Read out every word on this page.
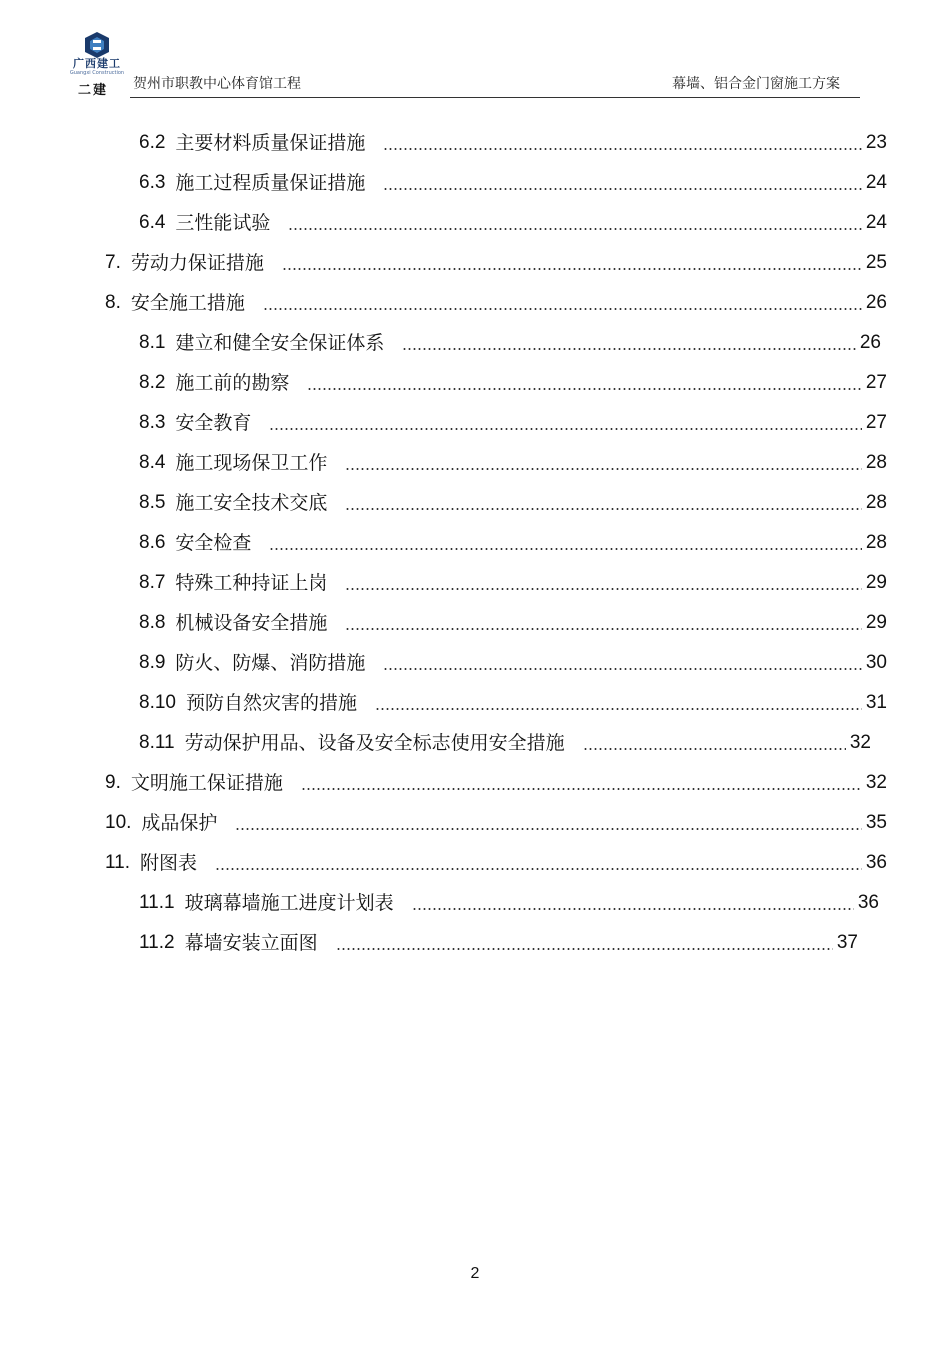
广西建工
Guangxi Construction
二建 贺州市职教中心体育馆工程	幕墙、铝合金门窗施工方案
6.2 主要材料质量保证措施	23
6.3 施工过程质量保证措施	24
6.4 三性能试验	24
7. 劳动力保证措施	25
8. 安全施工措施	26
8.1 建立和健全安全保证体系	26
8.2 施工前的勘察	27
8.3 安全教育	27
8.4 施工现场保卫工作	28
8.5 施工安全技术交底	28
8.6 安全检查	28
8.7 特殊工种持证上岗	29
8.8 机械设备安全措施	29
8.9 防火、防爆、消防措施	30
8.10 预防自然灾害的措施	31
8.11 劳动保护用品、设备及安全标志使用安全措施	32
9. 文明施工保证措施	32
10. 成品保护	35
11. 附图表	36
11.1 玻璃幕墙施工进度计划表	36
11.2 幕墙安装立面图	37
2
